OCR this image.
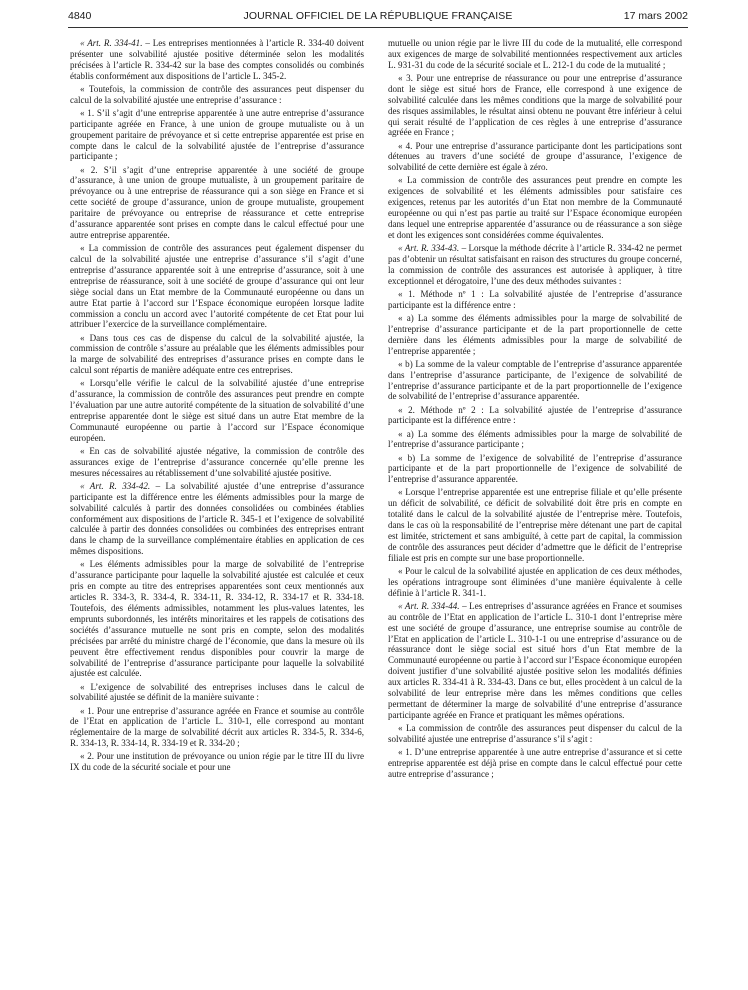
4840	JOURNAL OFFICIEL DE LA RÉPUBLIQUE FRANÇAISE	17 mars 2002

« Art. R. 334-41. – Les entreprises mentionnées à l’article R. 334-40 doivent présenter une solvabilité ajustée positive déterminée selon les modalités précisées à l’article R. 334-42 sur la base des comptes consolidés ou combinés établis conformément aux dispositions de l’article L. 345-2.

« Toutefois, la commission de contrôle des assurances peut dispenser du calcul de la solvabilité ajustée une entreprise d’assurance :

« 1. S’il s’agit d’une entreprise apparentée à une autre entreprise d’assurance participante agréée en France, à une union de groupe mutualiste ou à un groupement paritaire de prévoyance et si cette entreprise apparentée est prise en compte dans le calcul de la solvabilité ajustée de l’entreprise d’assurance participante ;

« 2. S’il s’agit d’une entreprise apparentée à une société de groupe d’assurance, à une union de groupe mutualiste, à un groupement paritaire de prévoyance ou à une entreprise de réassurance qui a son siège en France et si cette société de groupe d’assurance, union de groupe mutualiste, groupement paritaire de prévoyance ou entreprise de réassurance et cette entreprise d’assurance apparentée sont prises en compte dans le calcul effectué pour une autre entreprise apparentée.

« La commission de contrôle des assurances peut également dispenser du calcul de la solvabilité ajustée une entreprise d’assurance s’il s’agit d’une entreprise d’assurance apparentée soit à une entreprise d’assurance, soit à une entreprise de réassurance, soit à une société de groupe d’assurance qui ont leur siège social dans un Etat membre de la Communauté européenne ou dans un autre Etat partie à l’accord sur l’Espace économique européen lorsque ladite commission a conclu un accord avec l’autorité compétente de cet Etat pour lui attribuer l’exercice de la surveillance complémentaire.

« Dans tous ces cas de dispense du calcul de la solvabilité ajustée, la commission de contrôle s’assure au préalable que les éléments admissibles pour la marge de solvabilité des entreprises d’assurance prises en compte dans le calcul sont répartis de manière adéquate entre ces entreprises.

« Lorsqu’elle vérifie le calcul de la solvabilité ajustée d’une entreprise d’assurance, la commission de contrôle des assurances peut prendre en compte l’évaluation par une autre autorité compétente de la situation de solvabilité d’une entreprise apparentée dont le siège est situé dans un autre Etat membre de la Communauté européenne ou partie à l’accord sur l’Espace économique européen.

« En cas de solvabilité ajustée négative, la commission de contrôle des assurances exige de l’entreprise d’assurance concernée qu’elle prenne les mesures nécessaires au rétablissement d’une solvabilité ajustée positive.

« Art. R. 334-42. – La solvabilité ajustée d’une entreprise d’assurance participante est la différence entre les éléments admissibles pour la marge de solvabilité calculés à partir des données consolidées ou combinées établies conformément aux dispositions de l’article R. 345-1 et l’exigence de solvabilité calculée à partir des données consolidées ou combinées des entreprises entrant dans le champ de la surveillance complémentaire établies en application de ces mêmes dispositions.

« Les éléments admissibles pour la marge de solvabilité de l’entreprise d’assurance participante pour laquelle la solvabilité ajustée est calculée et ceux pris en compte au titre des entreprises apparentées sont ceux mentionnés aux articles R. 334-3, R. 334-4, R. 334-11, R. 334-12, R. 334-17 et R. 334-18. Toutefois, des éléments admissibles, notamment les plus-values latentes, les emprunts subordonnés, les intérêts minoritaires et les rappels de cotisations des sociétés d’assurance mutuelle ne sont pris en compte, selon des modalités précisées par arrêté du ministre chargé de l’économie, que dans la mesure où ils peuvent être effectivement rendus disponibles pour couvrir la marge de solvabilité de l’entreprise d’assurance participante pour laquelle la solvabilité ajustée est calculée.

« L’exigence de solvabilité des entreprises incluses dans le calcul de solvabilité ajustée se définit de la manière suivante :

« 1. Pour une entreprise d’assurance agréée en France et soumise au contrôle de l’Etat en application de l’article L. 310-1, elle correspond au montant réglementaire de la marge de solvabilité décrit aux articles R. 334-5, R. 334-6, R. 334-13, R. 334-14, R. 334-19 et R. 334-20 ;

« 2. Pour une institution de prévoyance ou union régie par le titre III du livre IX du code de la sécurité sociale et pour une

mutuelle ou union régie par le livre III du code de la mutualité, elle correspond aux exigences de marge de solvabilité mentionnées respectivement aux articles L. 931-31 du code de la sécurité sociale et L. 212-1 du code de la mutualité ;

« 3. Pour une entreprise de réassurance ou pour une entreprise d’assurance dont le siège est situé hors de France, elle correspond à une exigence de solvabilité calculée dans les mêmes conditions que la marge de solvabilité pour des risques assimilables, le résultat ainsi obtenu ne pouvant être inférieur à celui qui serait résulté de l’application de ces règles à une entreprise d’assurance agréée en France ;

« 4. Pour une entreprise d’assurance participante dont les participations sont détenues au travers d’une société de groupe d’assurance, l’exigence de solvabilité de cette dernière est égale à zéro.

« La commission de contrôle des assurances peut prendre en compte les exigences de solvabilité et les éléments admissibles pour satisfaire ces exigences, retenus par les autorités d’un Etat non membre de la Communauté européenne ou qui n’est pas partie au traité sur l’Espace économique européen dans lequel une entreprise apparentée d’assurance ou de réassurance a son siège et dont les exigences sont considérées comme équivalentes.

« Art. R. 334-43. – Lorsque la méthode décrite à l’article R. 334-42 ne permet pas d’obtenir un résultat satisfaisant en raison des structures du groupe concerné, la commission de contrôle des assurances est autorisée à appliquer, à titre exceptionnel et dérogatoire, l’une des deux méthodes suivantes :

« 1. Méthode nº 1 : La solvabilité ajustée de l’entreprise d’assurance participante est la différence entre :

« a) La somme des éléments admissibles pour la marge de solvabilité de l’entreprise d’assurance participante et de la part proportionnelle de cette dernière dans les éléments admissibles pour la marge de solvabilité de l’entreprise apparentée ;

« b) La somme de la valeur comptable de l’entreprise d’assurance apparentée dans l’entreprise d’assurance participante, de l’exigence de solvabilité de l’entreprise d’assurance participante et de la part proportionnelle de l’exigence de solvabilité de l’entreprise d’assurance apparentée.

« 2. Méthode nº 2 : La solvabilité ajustée de l’entreprise d’assurance participante est la différence entre :

« a) La somme des éléments admissibles pour la marge de solvabilité de l’entreprise d’assurance participante ;

« b) La somme de l’exigence de solvabilité de l’entreprise d’assurance participante et de la part proportionnelle de l’exigence de solvabilité de l’entreprise d’assurance apparentée.

« Lorsque l’entreprise apparentée est une entreprise filiale et qu’elle présente un déficit de solvabilité, ce déficit de solvabilité doit être pris en compte en totalité dans le calcul de la solvabilité ajustée de l’entreprise mère. Toutefois, dans le cas où la responsabilité de l’entreprise mère détenant une part de capital est limitée, strictement et sans ambiguïté, à cette part de capital, la commission de contrôle des assurances peut décider d’admettre que le déficit de l’entreprise filiale est pris en compte sur une base proportionnelle.

« Pour le calcul de la solvabilité ajustée en application de ces deux méthodes, les opérations intragroupe sont éliminées d’une manière équivalente à celle définie à l’article R. 341-1.

« Art. R. 334-44. – Les entreprises d’assurance agréées en France et soumises au contrôle de l’Etat en application de l’article L. 310-1 dont l’entreprise mère est une société de groupe d’assurance, une entreprise soumise au contrôle de l’Etat en application de l’article L. 310-1-1 ou une entreprise d’assurance ou de réassurance dont le siège social est situé hors d’un Etat membre de la Communauté européenne ou partie à l’accord sur l’Espace économique européen doivent justifier d’une solvabilité ajustée positive selon les modalités définies aux articles R. 334-41 à R. 334-43. Dans ce but, elles procèdent à un calcul de la solvabilité de leur entreprise mère dans les mêmes conditions que celles permettant de déterminer la marge de solvabilité d’une entreprise d’assurance participante agréée en France et pratiquant les mêmes opérations.

« La commission de contrôle des assurances peut dispenser du calcul de la solvabilité ajustée une entreprise d’assurance s’il s’agit :

« 1. D’une entreprise apparentée à une autre entreprise d’assurance et si cette entreprise apparentée est déjà prise en compte dans le calcul effectué pour cette autre entreprise d’assurance ;
